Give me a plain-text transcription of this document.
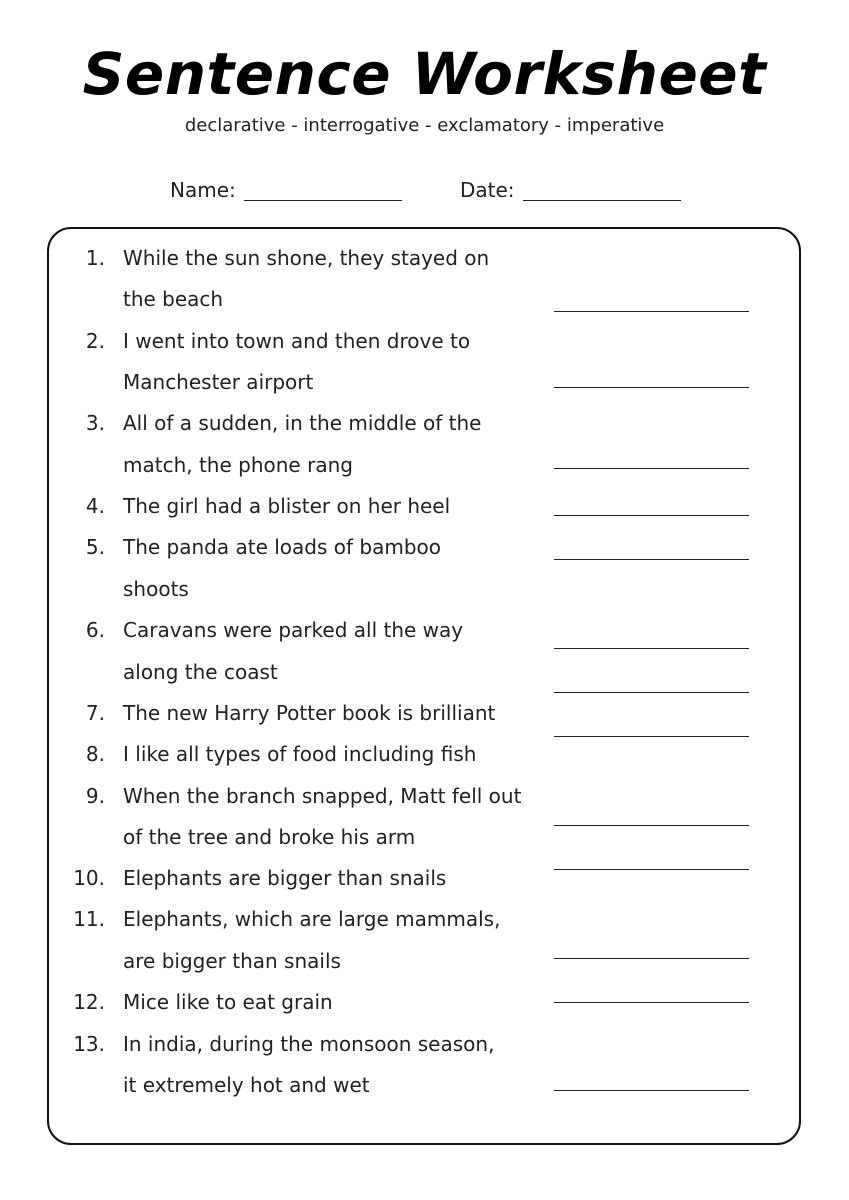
Sentence Worksheet
declarative - interrogative - exclamatory - imperative
Name:	Date:
1. While the sun shone, they stayed on
the beach
2. I went into town and then drove to
Manchester airport
3. All of a sudden, in the middle of the
match, the phone rang
4. The girl had a blister on her heel
5. The panda ate loads of bamboo
shoots
6. Caravans were parked all the way
along the coast
7. The new Harry Potter book is brilliant
8. I like all types of food including fish
9. When the branch snapped, Matt fell out
of the tree and broke his arm
10. Elephants are bigger than snails
11. Elephants, which are large mammals,
are bigger than snails
12. Mice like to eat grain
13. In india, during the monsoon season,
it extremely hot and wet
